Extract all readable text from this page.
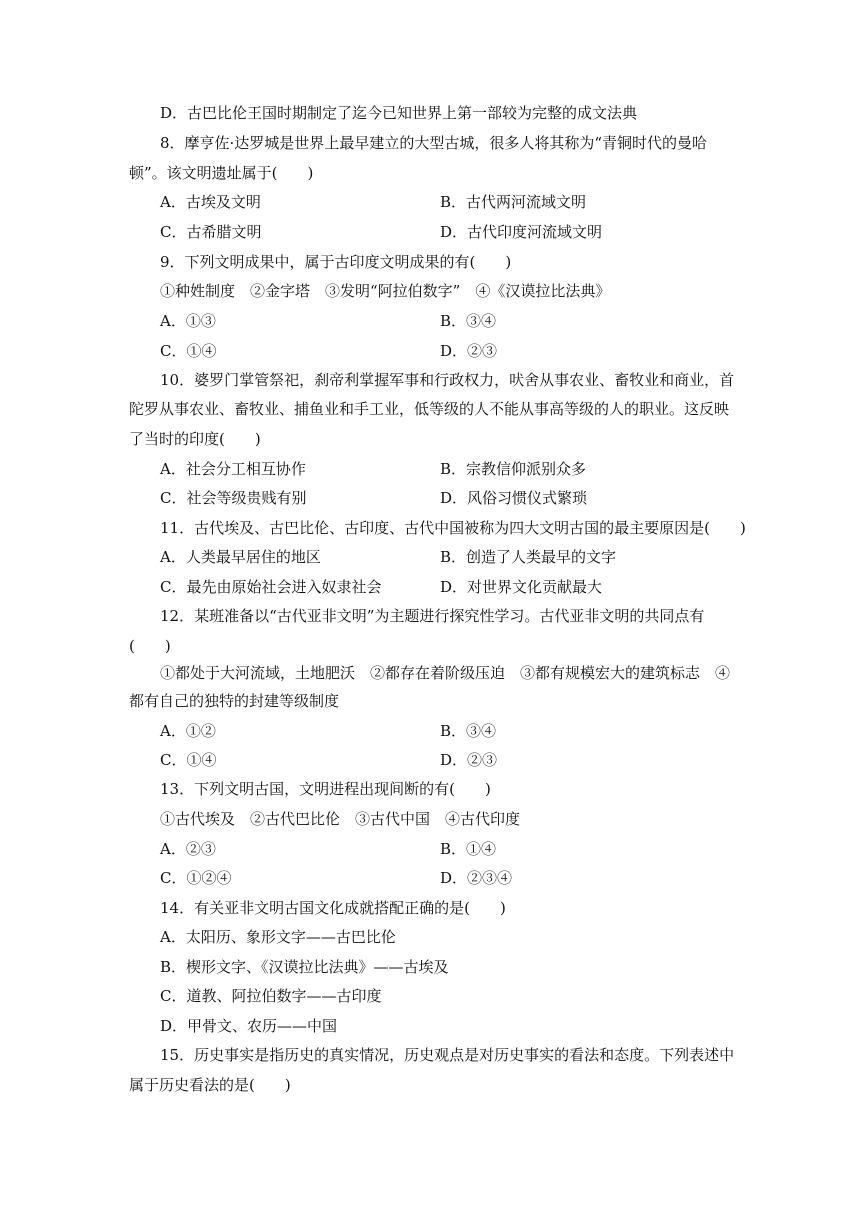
D．古巴比伦王国时期制定了迄今已知世界上第一部较为完整的成文法典
8．摩亨佐·达罗城是世界上最早建立的大型古城，很多人将其称为“青铜时代的曼哈
顿”。该文明遗址属于(　　)
A．古埃及文明	B．古代两河流域文明
C．古希腊文明	D．古代印度河流域文明
9．下列文明成果中，属于古印度文明成果的有(　　)
①种姓制度　②金字塔　③发明“阿拉伯数字”　④《汉谟拉比法典》
A．①③	B．③④
C．①④	D．②③
10．婆罗门掌管祭祀，刹帝利掌握军事和行政权力，吠舍从事农业、畜牧业和商业，首
陀罗从事农业、畜牧业、捕鱼业和手工业，低等级的人不能从事高等级的人的职业。这反映
了当时的印度(　　)
A．社会分工相互协作	B．宗教信仰派别众多
C．社会等级贵贱有别	D．风俗习惯仪式繁琐
11．古代埃及、古巴比伦、古印度、古代中国被称为四大文明古国的最主要原因是(　　)
A．人类最早居住的地区	B．创造了人类最早的文字
C．最先由原始社会进入奴隶社会	D．对世界文化贡献最大
12．某班准备以“古代亚非文明”为主题进行探究性学习。古代亚非文明的共同点有
(　　)
①都处于大河流域，土地肥沃　②都存在着阶级压迫　③都有规模宏大的建筑标志　④
都有自己的独特的封建等级制度
A．①②	B．③④
C．①④	D．②③
13．下列文明古国，文明进程出现间断的有(　　)
①古代埃及　②古代巴比伦　③古代中国　④古代印度
A．②③	B．①④
C．①②④	D．②③④
14．有关亚非文明古国文化成就搭配正确的是(　　)
A．太阳历、象形文字——古巴比伦
B．楔形文字、《汉谟拉比法典》——古埃及
C．道教、阿拉伯数字——古印度
D．甲骨文、农历——中国
15．历史事实是指历史的真实情况，历史观点是对历史事实的看法和态度。下列表述中
属于历史看法的是(　　)
